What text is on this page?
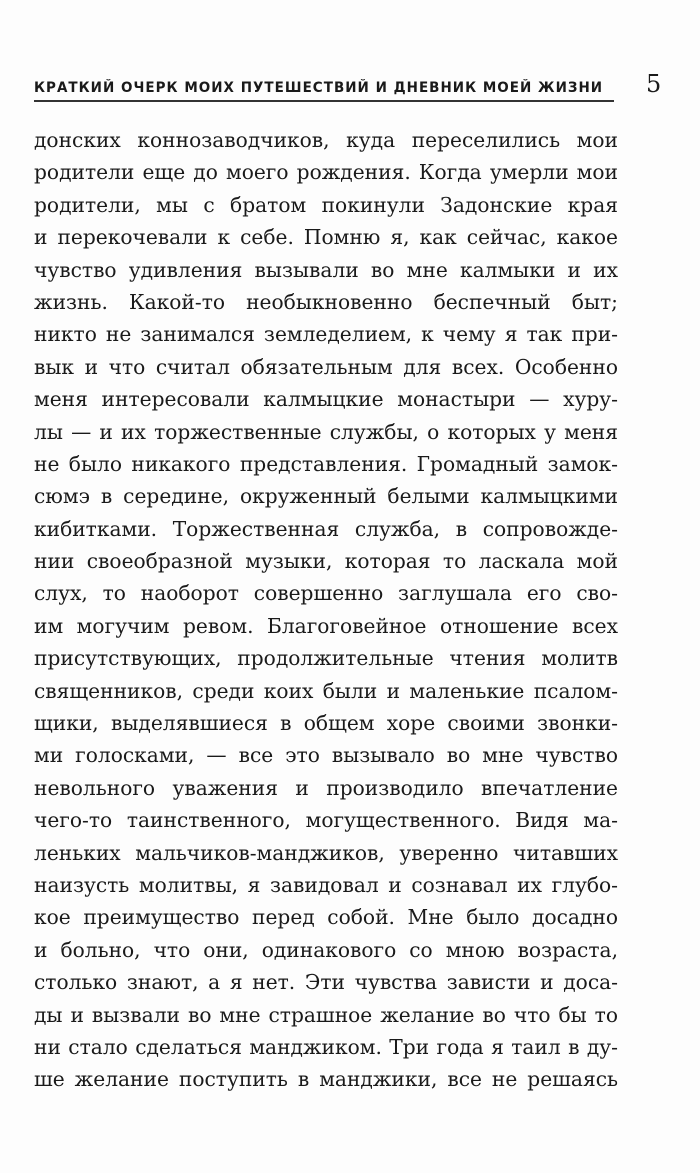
КРАТКИЙ ОЧЕРК МОИХ ПУТЕШЕСТВИЙ И ДНЕВНИК МОЕЙ ЖИЗНИ 5
донских коннозаводчиков, куда переселились мои
родители еще до моего рождения. Когда умерли мои
родители, мы с братом покинули Задонские края
и перекочевали к себе. Помню я, как сейчас, какое
чувство удивления вызывали во мне калмыки и их
жизнь. Какой-то необыкновенно беспечный быт;
никто не занимался земледелием, к чему я так при-
вык и что считал обязательным для всех. Особенно
меня интересовали калмыцкие монастыри — хуру-
лы — и их торжественные службы, о которых у меня
не было никакого представления. Громадный замок-
сюмэ в середине, окруженный белыми калмыцкими
кибитками. Торжественная служба, в сопровожде-
нии своеобразной музыки, которая то ласкала мой
слух, то наоборот совершенно заглушала его сво-
им могучим ревом. Благоговейное отношение всех
присутствующих, продолжительные чтения молитв
священников, среди коих были и маленькие псалом-
щики, выделявшиеся в общем хоре своими звонки-
ми голосками, — все это вызывало во мне чувство
невольного уважения и производило впечатление
чего-то таинственного, могущественного. Видя ма-
леньких мальчиков-манджиков, уверенно читавших
наизусть молитвы, я завидовал и сознавал их глубо-
кое преимущество перед собой. Мне было досадно
и больно, что они, одинакового со мною возраста,
столько знают, а я нет. Эти чувства зависти и доса-
ды и вызвали во мне страшное желание во что бы то
ни стало сделаться манджиком. Три года я таил в ду-
ше желание поступить в манджики, все не решаясь
